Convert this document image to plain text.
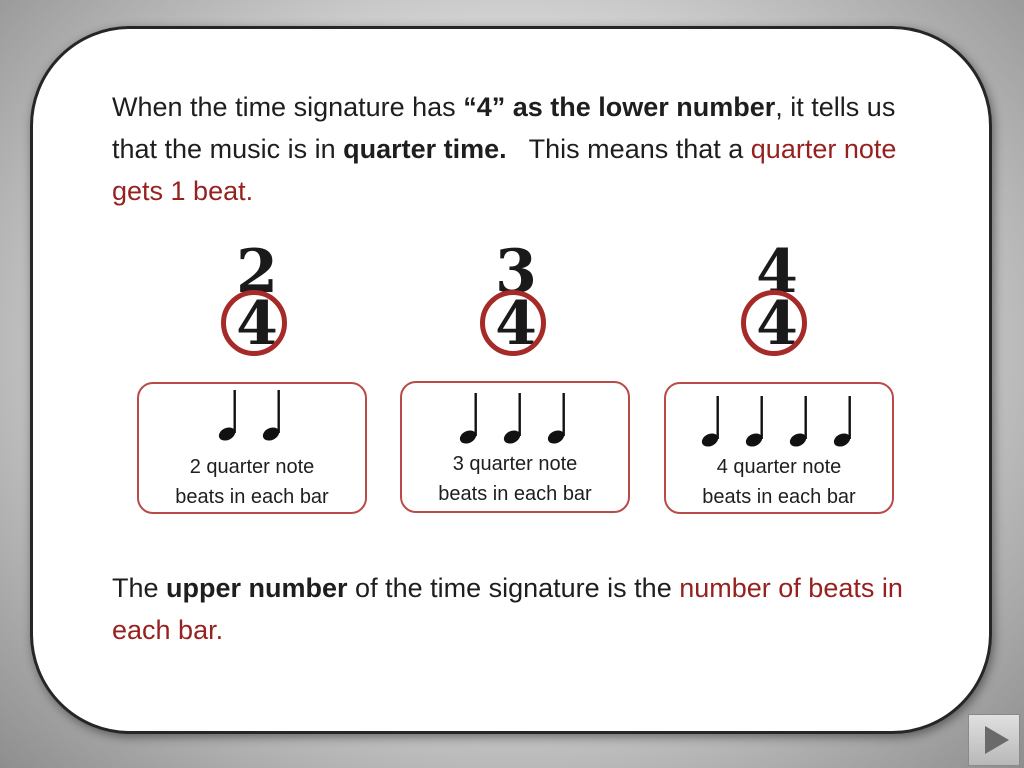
When the time signature has “4” as the lower number, it tells us that the music is in quarter time.   This means that a quarter note gets 1 beat.

2
4
3
4
4
4

2 quarter note
beats in each bar

3 quarter note
beats in each bar

4 quarter note
beats in each bar

The upper number of the time signature is the number of beats in each bar.
